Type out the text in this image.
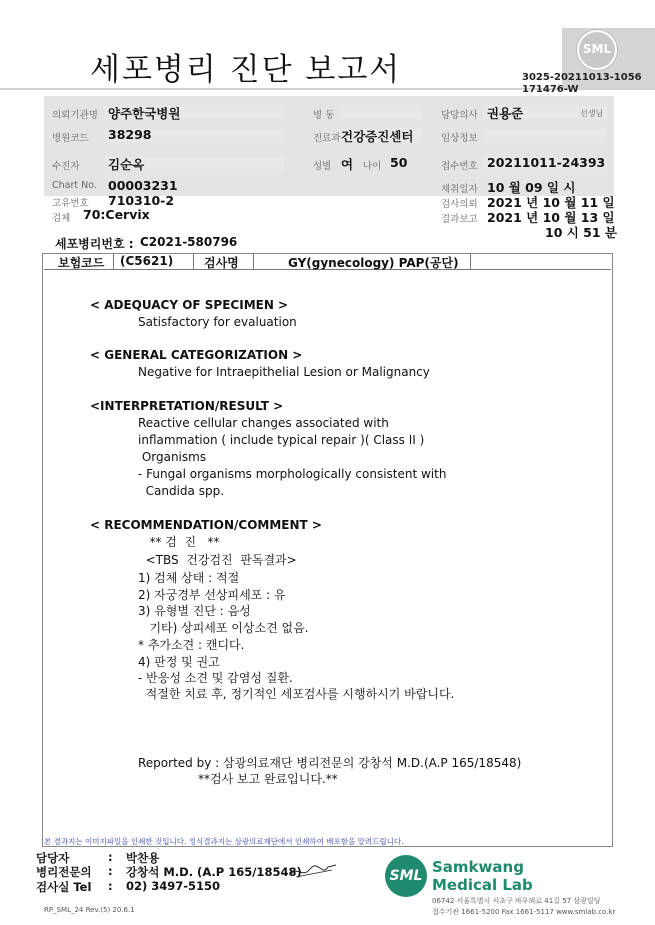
세포병리 진단 보고서
SML
3025-20211013-1056
171476-W
의뢰기관명 양주한국병원	병 동	담당의사 권용준	선생님
병원코드 38298	진료과 건강증진센터	임상정보
수진자 김순옥	성별 여 나이 50	접수번호 20211011-24393
Chart No. 00003231
고유번호 710310-2
검체 70:Cervix
채취일자 10 월 09 일 시
검사의뢰 2021 년 10 월 11 일
결과보고 2021 년 10 월 13 일
10 시 51 분
세포병리번호 : C2021-580796
보험코드 (C5621)	검사명	GY(gynecology) PAP(공단)
< ADEQUACY OF SPECIMEN >
Satisfactory for evaluation
< GENERAL CATEGORIZATION >
Negative for Intraepithelial Lesion or Malignancy
<INTERPRETATION/RESULT >
Reactive cellular changes associated with
inflammation ( include typical repair )( Class II )
Organisms
- Fungal organisms morphologically consistent with
Candida spp.
< RECOMMENDATION/COMMENT >
** 검  진   **
<TBS  건강검진  판독결과>
1) 검체 상태 : 적절
2) 자궁경부 선상피세포 : 유
3) 유형별 진단 : 음성
기타) 상피세포 이상소견 없음.
* 추가소견 : 캔디다.
4) 판정 및 권고
- 반응성 소견 및 감염성 질환.
적절한 치료 후, 정기적인 세포검사를 시행하시기 바랍니다.
Reported by : 삼광의료재단 병리전문의 강창석 M.D.(A.P 165/18548)
**검사 보고 완료입니다.**
본 결과지는 이미지파일을 인쇄한 것입니다. 정식결과지는 삼광의료재단에서 인쇄하여 배포함을 알려드립니다.
담당자	: 박찬용
병리전문의 : 강창석 M.D. (A.P 165/18548)
검사실 Tel : 02) 3497-5150
RP_SML_24 Rev.(5) 20.6.1
SML Samkwang
Medical Lab
06742 서울특별시 서초구 바우뫼로 41길 57 삼광빌딩
접수기관 1661-5200 Fax 1661-5117 www.smlab.co.kr
